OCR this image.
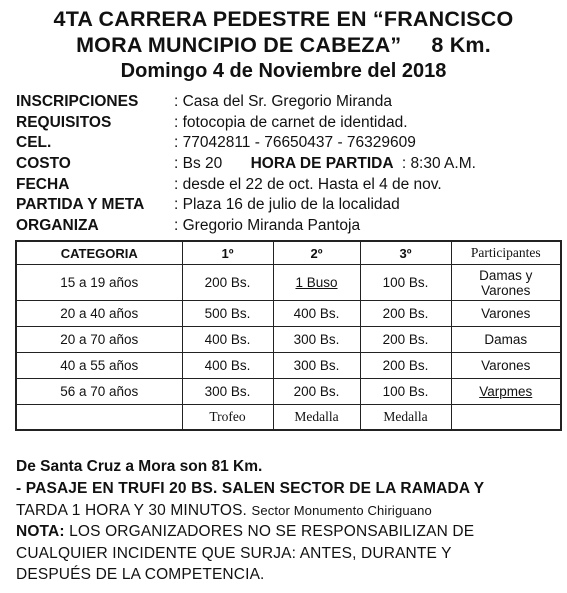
4TA CARRERA PEDESTRE EN “FRANCISCO
MORA MUNCIPIO DE CABEZA” 8 Km.
Domingo 4 de Noviembre del 2018
INSCRIPCIONES : Casa del Sr. Gregorio Miranda
REQUISITOS	: fotocopia de carnet de identidad.
CEL.	: 77042811 - 76650437 - 76329609
COSTO	: Bs 20 HORA DE PARTIDA : 8:30 A.M.
FECHA	: desde el 22 de oct. Hasta el 4 de nov.
PARTIDA Y META : Plaza 16 de julio de la localidad
ORGANIZA	: Gregorio Miranda Pantoja
CATEGORIA	1º	2º	3º	Participantes
15 a 19 años	200 Bs.	1 Buso	100 Bs.	Damas y Varones

20 a 40 años	500 Bs.	400 Bs.	200 Bs.	Varones
20 a 70 años	400 Bs.	300 Bs.	200 Bs.	Damas
40 a 55 años	400 Bs.	300 Bs.	200 Bs.	Varones
56 a 70 años	300 Bs.	200 Bs.	100 Bs.	Varpmes
	Trofeo	Medalla	Medalla	
De Santa Cruz a Mora son 81 Km.
- PASAJE EN TRUFI 20 BS. SALEN SECTOR DE LA RAMADA Y
TARDA 1 HORA Y 30 MINUTOS. Sector Monumento Chiriguano
NOTA: LOS ORGANIZADORES NO SE RESPONSABILIZAN DE
CUALQUIER INCIDENTE QUE SURJA: ANTES, DURANTE Y
DESPUÉS DE LA COMPETENCIA.
